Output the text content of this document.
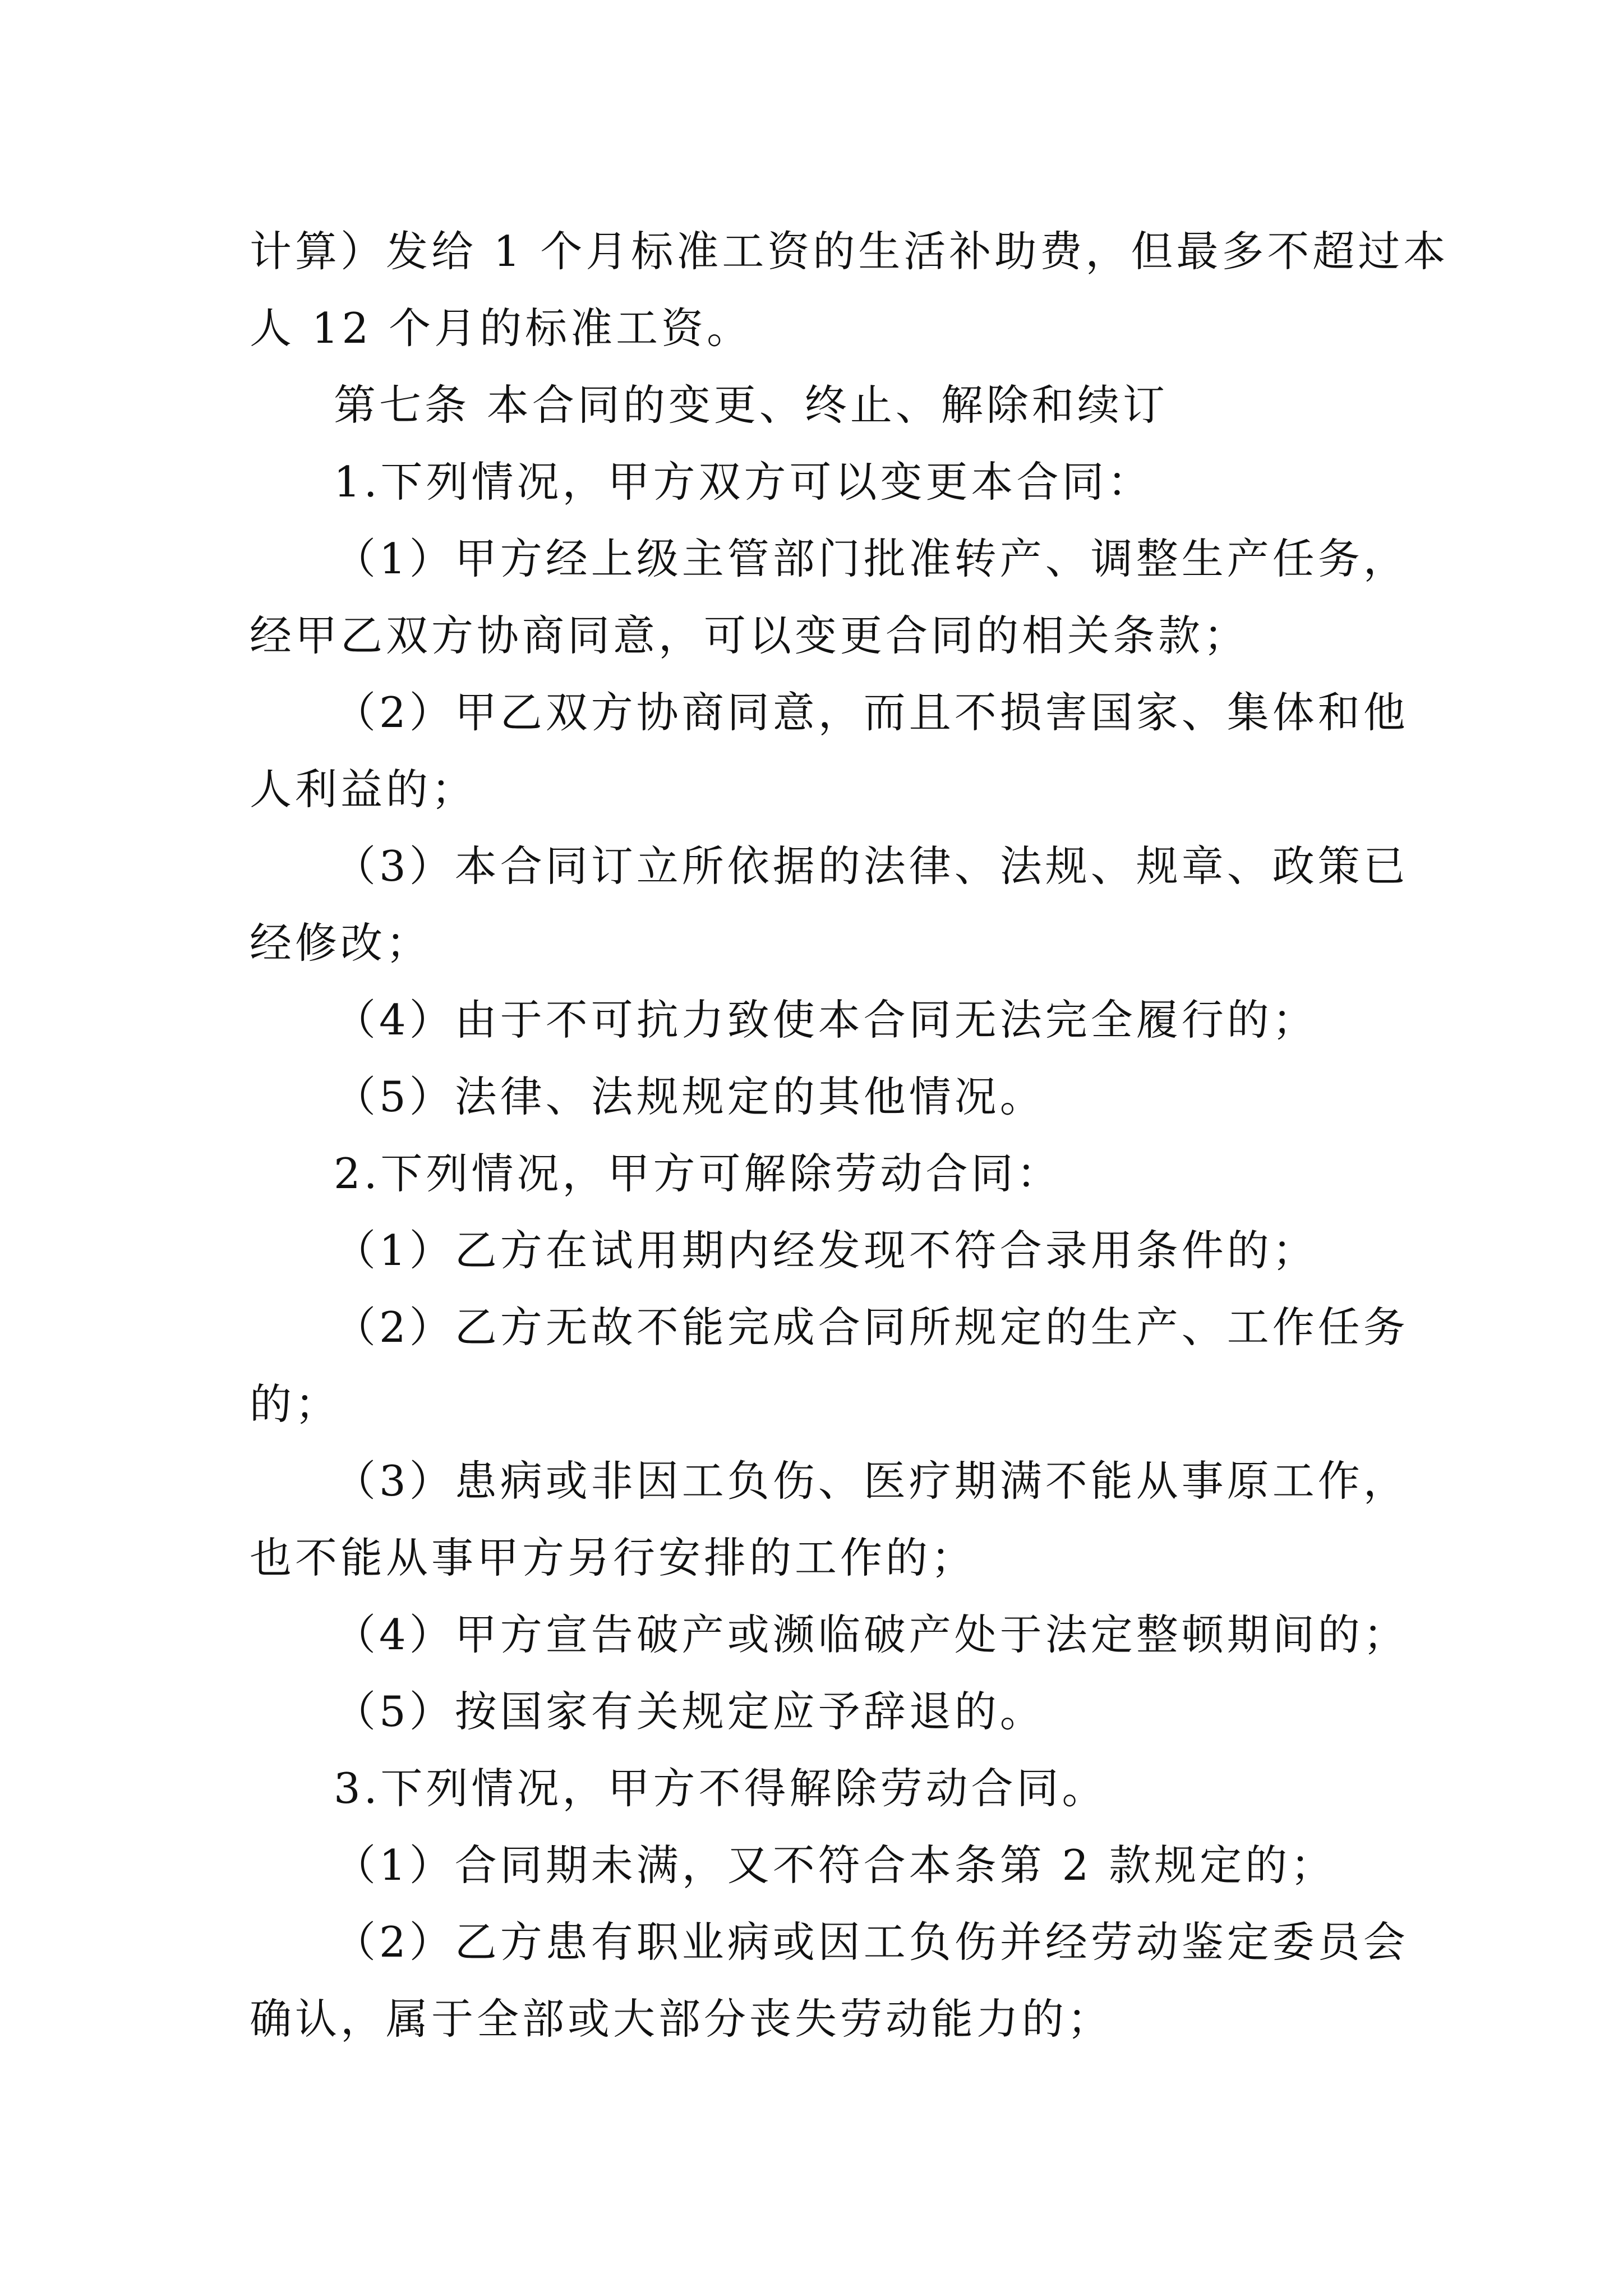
计算）发给 1 个月标准工资的生活补助费，但最多不超过本
人 12 个月的标准工资。
第七条 本合同的变更、终止、解除和续订
1.下列情况，甲方双方可以变更本合同：
（1）甲方经上级主管部门批准转产、调整生产任务，
经甲乙双方协商同意，可以变更合同的相关条款；
（2）甲乙双方协商同意，而且不损害国家、集体和他
人利益的；
（3）本合同订立所依据的法律、法规、规章、政策已
经修改；
（4）由于不可抗力致使本合同无法完全履行的；
（5）法律、法规规定的其他情况。
2.下列情况，甲方可解除劳动合同：
（1）乙方在试用期内经发现不符合录用条件的；
（2）乙方无故不能完成合同所规定的生产、工作任务
的；
（3）患病或非因工负伤、医疗期满不能从事原工作，
也不能从事甲方另行安排的工作的；
（4）甲方宣告破产或濒临破产处于法定整顿期间的；
（5）按国家有关规定应予辞退的。
3.下列情况，甲方不得解除劳动合同。
（1）合同期未满，又不符合本条第 2 款规定的；
（2）乙方患有职业病或因工负伤并经劳动鉴定委员会
确认，属于全部或大部分丧失劳动能力的；
